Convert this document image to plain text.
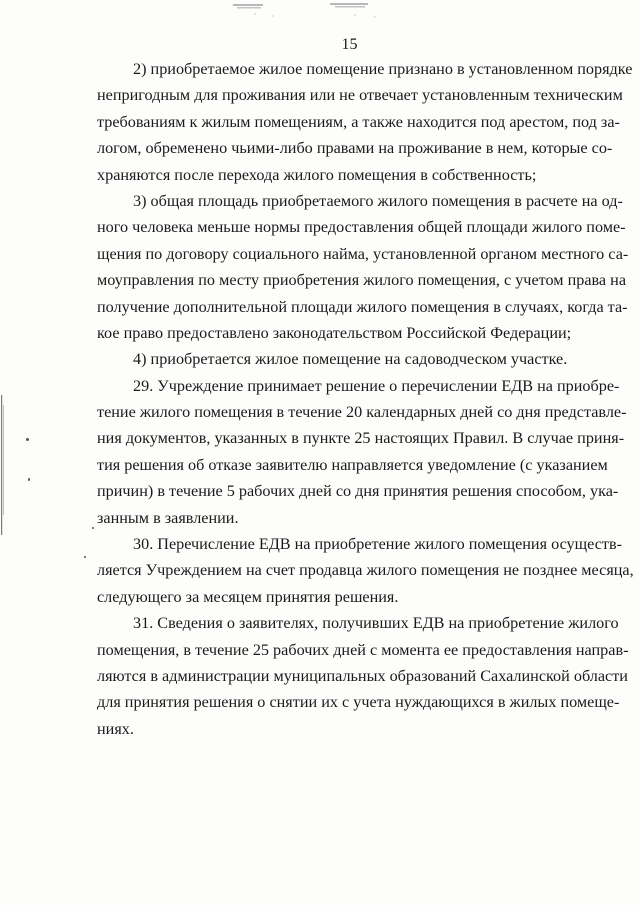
15
2) приобретаемое жилое помещение признано в установленном порядке
непригодным для проживания или не отвечает установленным техническим
требованиям к жилым помещениям, а также находится под арестом, под за-
логом, обременено чьими-либо правами на проживание в нем, которые со-
храняются после перехода жилого помещения в собственность;
3) общая площадь приобретаемого жилого помещения в расчете на од-
ного человека меньше нормы предоставления общей площади жилого поме-
щения по договору социального найма, установленной органом местного са-
моуправления по месту приобретения жилого помещения, с учетом права на
получение дополнительной площади жилого помещения в случаях, когда та-
кое право предоставлено законодательством Российской Федерации;
4) приобретается жилое помещение на садоводческом участке.
29. Учреждение принимает решение о перечислении ЕДВ на приобре-
тение жилого помещения в течение 20 календарных дней со дня представле-
ния документов, указанных в пункте 25 настоящих Правил. В случае приня-
тия решения об отказе заявителю направляется уведомление (с указанием
причин) в течение 5 рабочих дней со дня принятия решения способом, ука-
занным в заявлении.
30. Перечисление ЕДВ на приобретение жилого помещения осуществ-
ляется Учреждением на счет продавца жилого помещения не позднее месяца,
следующего за месяцем принятия решения.
31. Сведения о заявителях, получивших ЕДВ на приобретение жилого
помещения, в течение 25 рабочих дней с момента ее предоставления направ-
ляются в администрации муниципальных образований Сахалинской области
для принятия решения о снятии их с учета нуждающихся в жилых помеще-
ниях.
